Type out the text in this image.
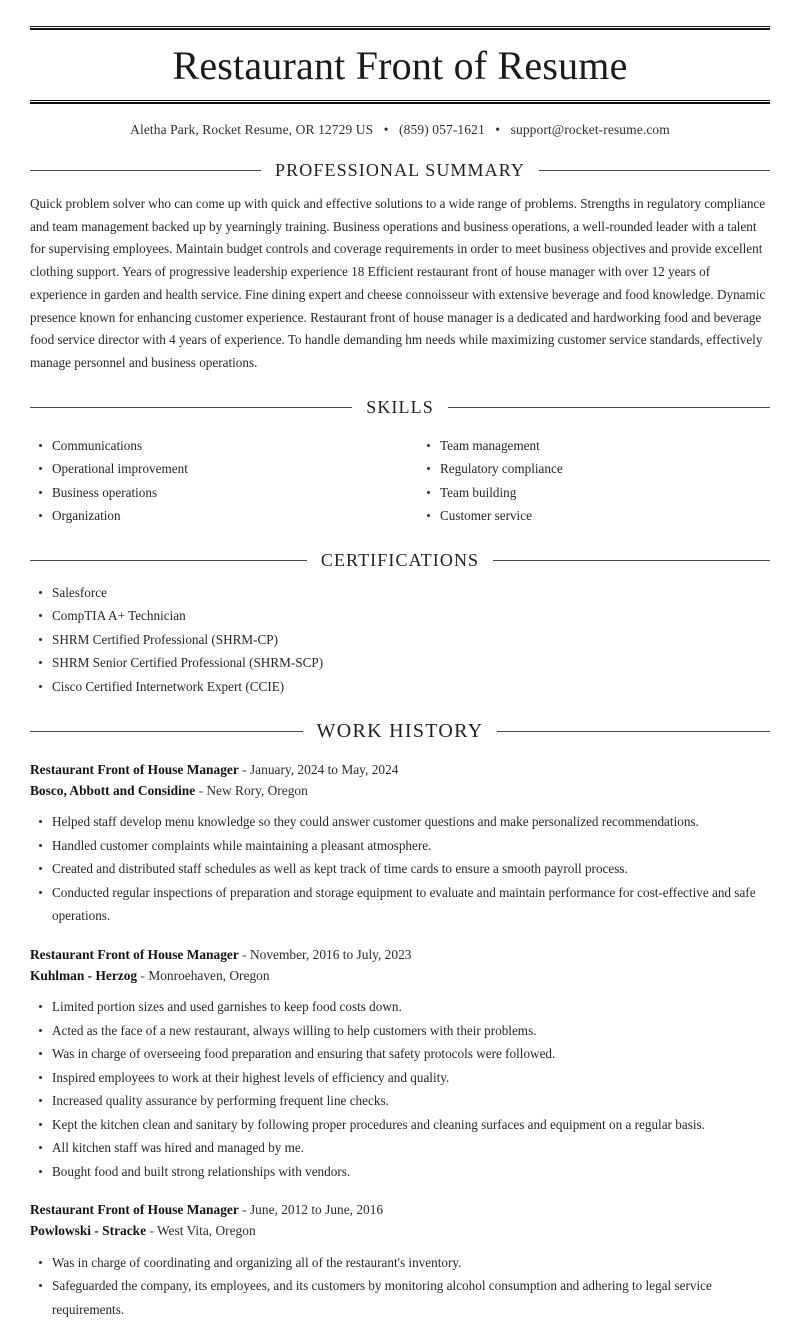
Restaurant Front of Resume
Aletha Park, Rocket Resume, OR 12729 US • (859) 057-1621 • support@rocket-resume.com
PROFESSIONAL SUMMARY

Quick problem solver who can come up with quick and effective solutions to a wide range of problems. Strengths in regulatory compliance and team management backed up by yearningly training. Business operations and business operations, a well-rounded leader with a talent for supervising employees. Maintain budget controls and coverage requirements in order to meet business objectives and provide excellent clothing support. Years of progressive leadership experience 18 Efficient restaurant front of house manager with over 12 years of experience in garden and health service. Fine dining expert and cheese connoisseur with extensive beverage and food knowledge. Dynamic presence known for enhancing customer experience. Restaurant front of house manager is a dedicated and hardworking food and beverage food service director with 4 years of experience. To handle demanding hm needs while maximizing customer service standards, effectively manage personnel and business operations.

SKILLS
Communications
Operational improvement
Business operations
Organization
Team management
Regulatory compliance
Team building
Customer service
CERTIFICATIONS
Salesforce
CompTIA A+ Technician
SHRM Certified Professional (SHRM-CP)
SHRM Senior Certified Professional (SHRM-SCP)
Cisco Certified Internetwork Expert (CCIE)
WORK HISTORY
Restaurant Front of House Manager - January, 2024 to May, 2024
Bosco, Abbott and Considine - New Rory, Oregon
Helped staff develop menu knowledge so they could answer customer questions and make personalized recommendations.
Handled customer complaints while maintaining a pleasant atmosphere.
Created and distributed staff schedules as well as kept track of time cards to ensure a smooth payroll process.
Conducted regular inspections of preparation and storage equipment to evaluate and maintain performance for cost-effective and safe operations.
Restaurant Front of House Manager - November, 2016 to July, 2023
Kuhlman - Herzog - Monroehaven, Oregon
Limited portion sizes and used garnishes to keep food costs down.
Acted as the face of a new restaurant, always willing to help customers with their problems.
Was in charge of overseeing food preparation and ensuring that safety protocols were followed.
Inspired employees to work at their highest levels of efficiency and quality.
Increased quality assurance by performing frequent line checks.
Kept the kitchen clean and sanitary by following proper procedures and cleaning surfaces and equipment on a regular basis.
All kitchen staff was hired and managed by me.
Bought food and built strong relationships with vendors.
Restaurant Front of House Manager - June, 2012 to June, 2016
Powlowski - Stracke - West Vita, Oregon
Was in charge of coordinating and organizing all of the restaurant's inventory.
Safeguarded the company, its employees, and its customers by monitoring alcohol consumption and adhering to legal service requirements.
